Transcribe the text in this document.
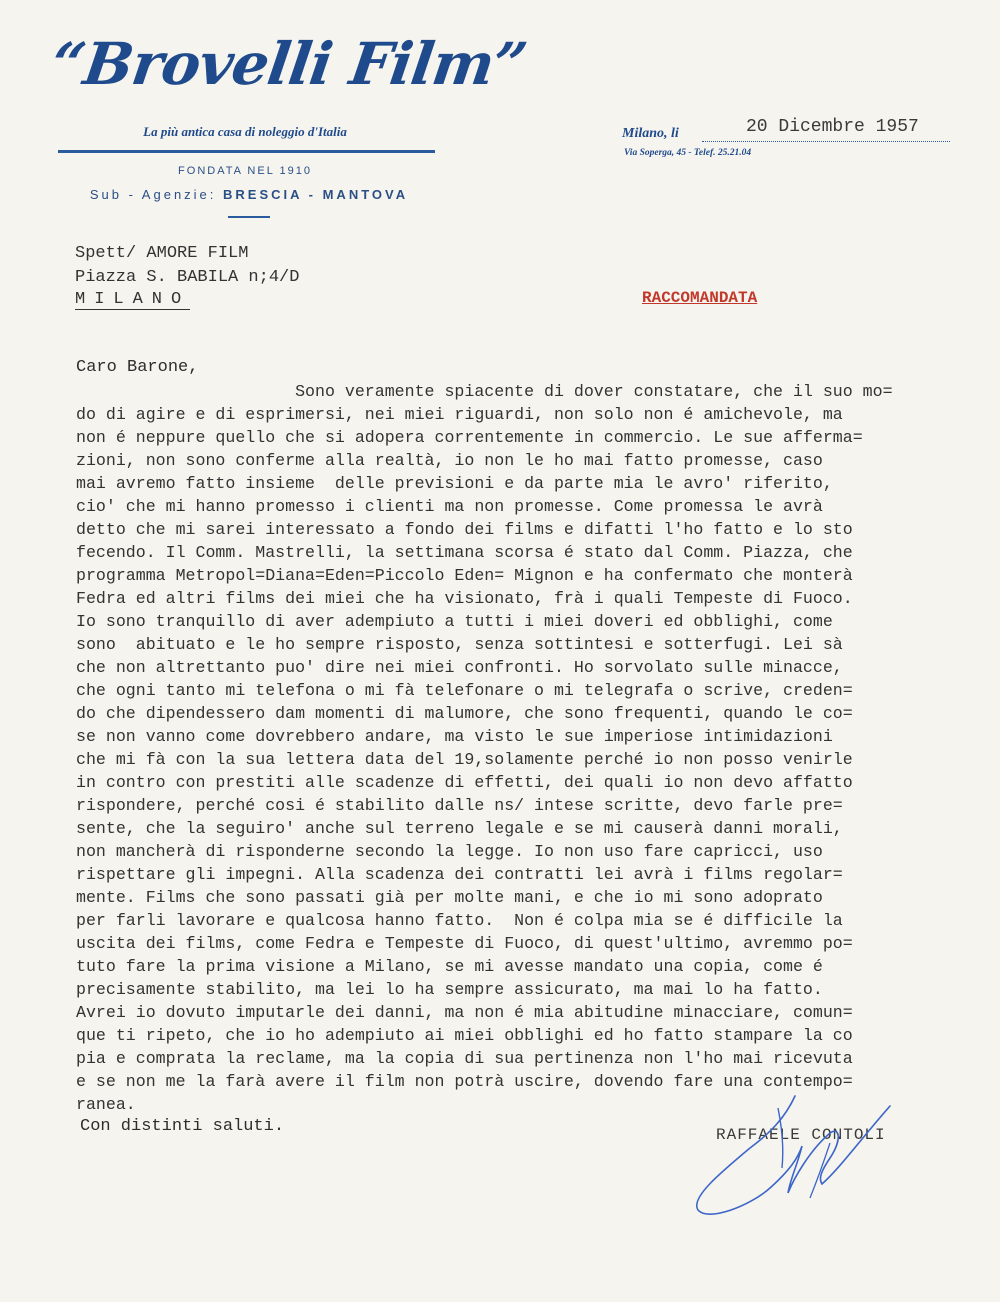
“Brovelli Film”
La più antica casa di noleggio d'Italia
FONDATA NEL 1910
Sub - Agenzie: BRESCIA - MANTOVA
Milano, li	20 Dicembre 1957
Via Soperga, 45 - Telef. 25.21.04
Spett/ AMORE FILM
Piazza S. BABILA n;4/D
MILANO	RACCOMANDATA
Caro Barone,
Sono veramente spiacente di dover constatare, che il suo mo=
do di agire e di esprimersi, nei miei riguardi, non solo non é amichevole, ma
non é neppure quello che si adopera correntemente in commercio. Le sue afferma=
zioni, non sono conferme alla realtà, io non le ho mai fatto promesse, caso
mai avremo fatto insieme  delle previsioni e da parte mia le avro' riferito,
cio' che mi hanno promesso i clienti ma non promesse. Come promessa le avrà
detto che mi sarei interessato a fondo dei films e difatti l'ho fatto e lo sto
fecendo. Il Comm. Mastrelli, la settimana scorsa é stato dal Comm. Piazza, che
programma Metropol=Diana=Eden=Piccolo Eden= Mignon e ha confermato che monterà
Fedra ed altri films dei miei che ha visionato, frà i quali Tempeste di Fuoco.
Io sono tranquillo di aver adempiuto a tutti i miei doveri ed obblighi, come
sono  abituato e le ho sempre risposto, senza sottintesi e sotterfugi. Lei sà
che non altrettanto puo' dire nei miei confronti. Ho sorvolato sulle minacce,
che ogni tanto mi telefona o mi fà telefonare o mi telegrafa o scrive, creden=
do che dipendessero dam momenti di malumore, che sono frequenti, quando le co=
se non vanno come dovrebbero andare, ma visto le sue imperiose intimidazioni
che mi fà con la sua lettera data del 19,solamente perché io non posso venirle
in contro con prestiti alle scadenze di effetti, dei quali io non devo affatto
rispondere, perché cosi é stabilito dalle ns/ intese scritte, devo farle pre=
sente, che la seguiro' anche sul terreno legale e se mi causerà danni morali,
non mancherà di risponderne secondo la legge. Io non uso fare capricci, uso
rispettare gli impegni. Alla scadenza dei contratti lei avrà i films regolar=
mente. Films che sono passati già per molte mani, e che io mi sono adoprato
per farli lavorare e qualcosa hanno fatto.  Non é colpa mia se é difficile la
uscita dei films, come Fedra e Tempeste di Fuoco, di quest'ultimo, avremmo po=
tuto fare la prima visione a Milano, se mi avesse mandato una copia, come é
precisamente stabilito, ma lei lo ha sempre assicurato, ma mai lo ha fatto.
Avrei io dovuto imputarle dei danni, ma non é mia abitudine minacciare, comun=
que ti ripeto, che io ho adempiuto ai miei obblighi ed ho fatto stampare la co
pia e comprata la reclame, ma la copia di sua pertinenza non l'ho mai ricevuta
e se non me la farà avere il film non potrà uscire, dovendo fare una contempo=
ranea.
Con distinti saluti.	RAFFAELE CONTOLI
